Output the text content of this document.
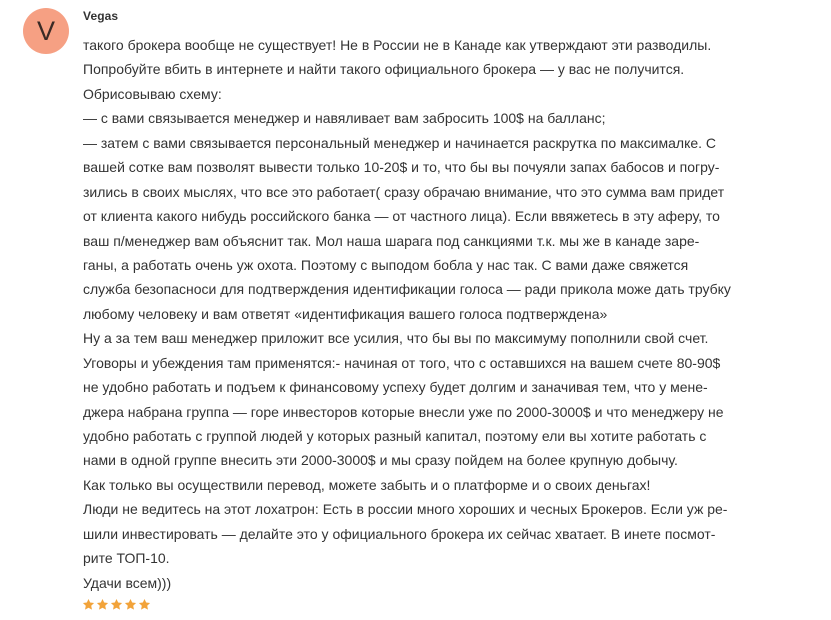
V	Vegas
такого брокера вообще не существует! Не в России не в Канаде как утверждают эти разводилы.
Попробуйте вбить в интернете и найти такого официального брокера — у вас не получится.
Обрисовываю схему:
— с вами связывается менеджер и навяливает вам забросить 100$ на балланс;
— затем с вами связывается персональный менеджер и начинается раскрутка по максималке. С
вашей сотке вам позволят вывести только 10-20$ и то, что бы вы почуяли запах бабосов и погру-
зились в своих мыслях, что все это работает( сразу обрачаю внимание, что это сумма вам придет
от клиента какого нибудь российского банка — от частного лица). Если ввяжетесь в эту аферу, то
ваш п/менеджер вам объяснит так. Мол наша шарага под санкциями т.к. мы же в канаде заре-
ганы, а работать очень уж охота. Поэтому с выподом бобла у нас так. С вами даже свяжется
служба безопасноси для подтверждения идентификации голоса — ради прикола може дать трубку
любому человеку и вам ответят «идентификация вашего голоса подтверждена»
Ну а за тем ваш менеджер приложит все усилия, что бы вы по максимуму пополнили свой счет.
Уговоры и убеждения там применятся:- начиная от того, что с оставшихся на вашем счете 80-90$
не удобно работать и подъем к финансовому успеху будет долгим и заначивая тем, что у мене-
джера набрана группа — горе инвесторов которые внесли уже по 2000-3000$ и что менеджеру не
удобно работать с группой людей у которых разный капитал, поэтому ели вы хотите работать с
нами в одной группе внесить эти 2000-3000$ и мы сразу пойдем на более крупную добычу.
Как только вы осуществили перевод, можете забыть и о платформе и о своих деньгах!
Люди не ведитесь на этот лохатрон: Есть в россии много хороших и чесных Брокеров. Если уж ре-
шили инвестировать — делайте это у официального брокера их сейчас хватает. В инете посмот-
рите ТОП-10.
Удачи всем)))
